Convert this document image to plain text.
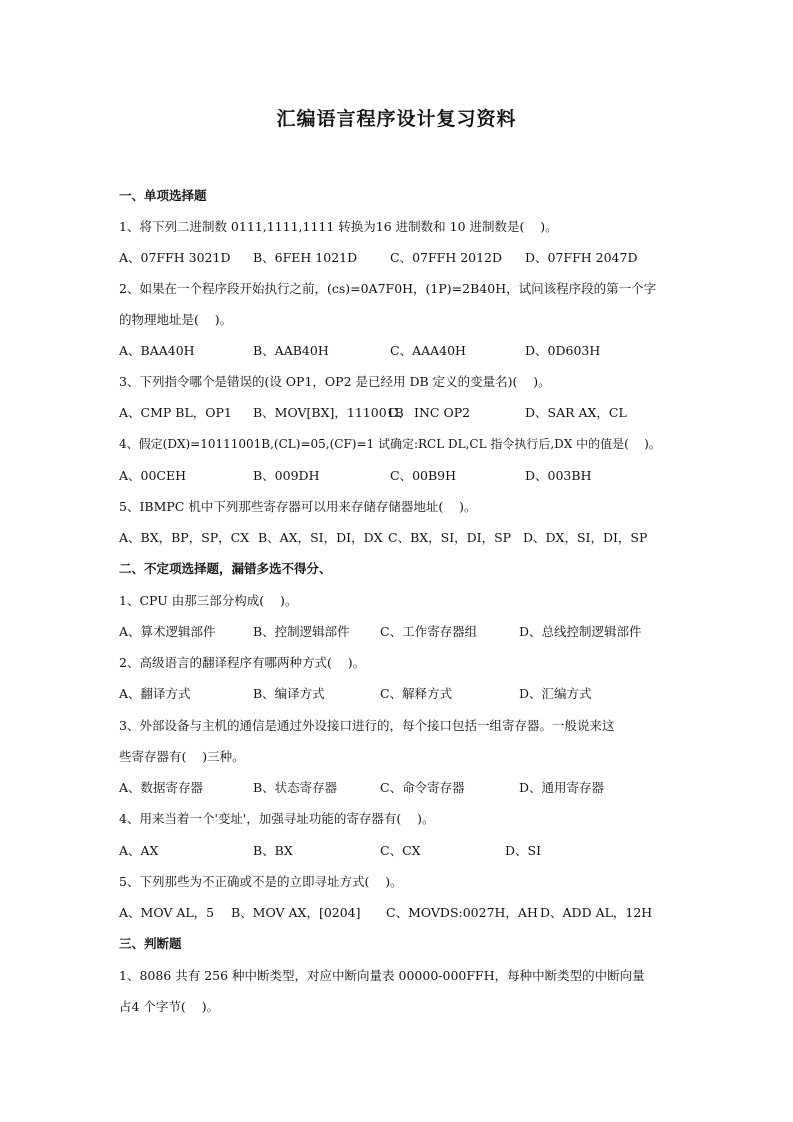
汇编语言程序设计复习资料
一、单项选择题
1、将下列二进制数 0111,1111,1111 转换为16 进制数和 10 进制数是(    )。
A、07FFH 3021D B、6FEH 1021D	C、07FFH 2012D D、07FFH 2047D
2、如果在一个程序段开始执行之前，(cs)=0A7F0H，(1P)=2B40H，试问该程序段的第一个字
的物理地址是(    )。
A、BAA40H	B、AAB40H	C、AAA40H	D、0D603H
3、下列指令哪个是错误的(设 OP1，OP2 是已经用 DB 定义的变量名)(    )。
A、CMP BL，OP1 B、MOV[BX]，111001B
C、 INC OP2	D、SAR AX，CL
4、假定(DX)=10111001B,(CL)=05,(CF)=1 试确定:RCL DL,CL 指令执行后,DX 中的值是(    )。
A、00CEH	B、009DH	C、00B9H	D、003BH
5、IBMPC 机中下列那些寄存器可以用来存储存储器地址(    )。
A、BX，BP，SP，CX B、AX，SI，DI，DX C、BX，SI，DI，SP D、DX，SI，DI，SP
二、不定项选择题，漏错多选不得分、
1、CPU 由那三部分构成(    )。
A、算术逻辑部件	B、控制逻辑部件 C、工作寄存器组	D、总线控制逻辑部件
2、高级语言的翻译程序有哪两种方式(    )。
A、翻译方式	B、编译方式	C、解释方式	D、汇编方式
3、外部设备与主机的通信是通过外设接口进行的，每个接口包括一组寄存器。一般说来这
些寄存器有(    )三种。
A、数据寄存器	B、状态寄存器	C、命令寄存器	D、通用寄存器
4、用来当着一个'变址'，加强寻址功能的寄存器有(    )。
A、AX	B、BX	C、CX	D、SI
5、下列那些为不正确或不是的立即寻址方式(    )。
A、MOV AL，5 B、MOV AX，[0204] C、MOVDS:0027H，AH D、ADD AL，12H
三、判断题
1、8086 共有 256 种中断类型，对应中断向量表 00000-000FFH，每种中断类型的中断向量
占4 个字节(    )。
